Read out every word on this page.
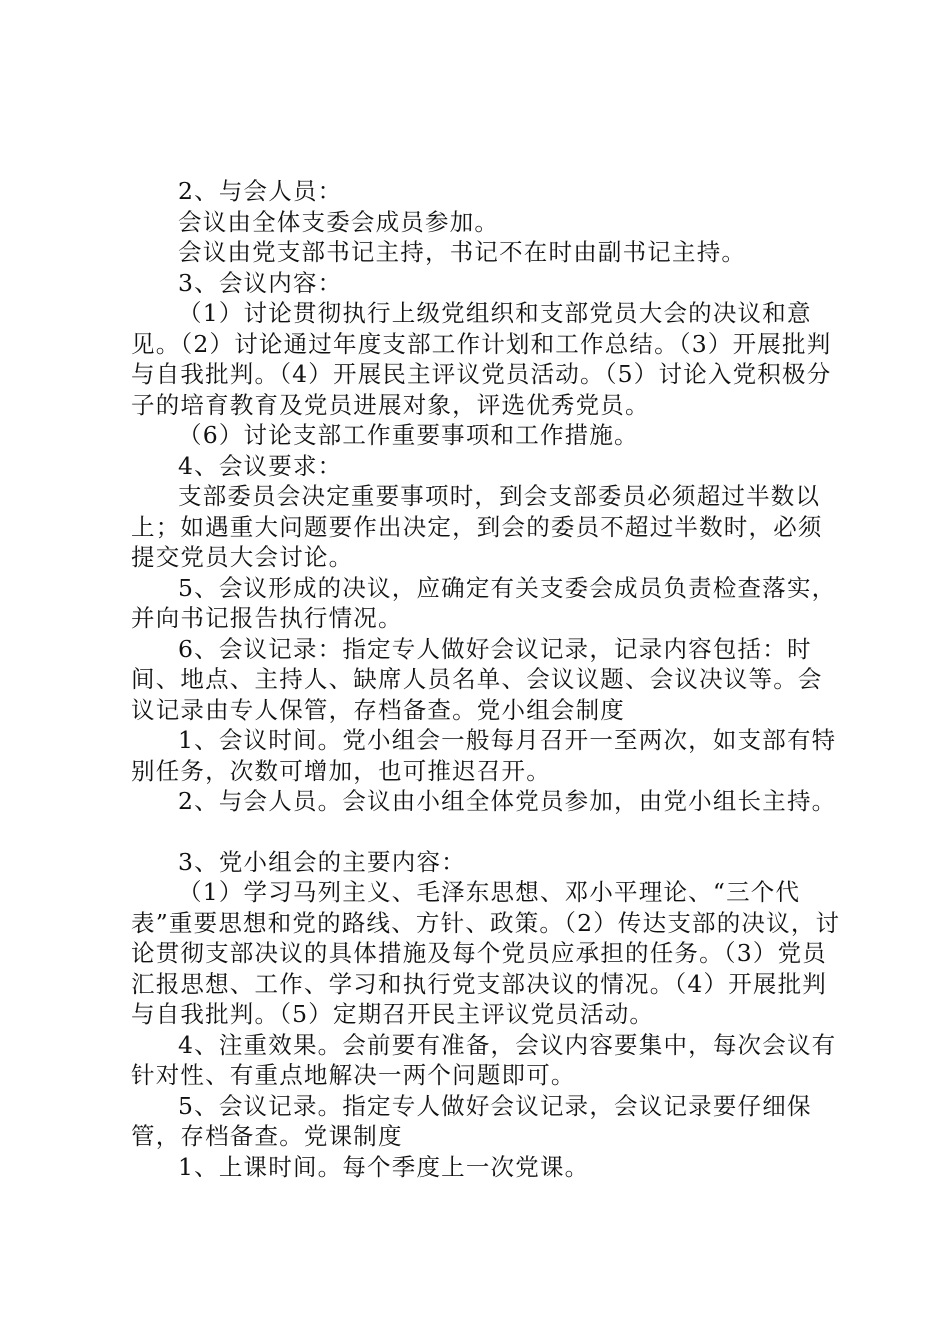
2、与会人员：

会议由全体支委会成员参加。

会议由党支部书记主持，书记不在时由副书记主持。

3、会议内容：

（1）讨论贯彻执行上级党组织和支部党员大会的决议和意见。（2）讨论通过年度支部工作计划和工作总结。（3）开展批判与自我批判。（4）开展民主评议党员活动。（5）讨论入党积极分子的培育教育及党员进展对象，评选优秀党员。

（6）讨论支部工作重要事项和工作措施。

4、会议要求：

支部委员会决定重要事项时，到会支部委员必须超过半数以上；如遇重大问题要作出决定，到会的委员不超过半数时，必须提交党员大会讨论。

5、会议形成的决议，应确定有关支委会成员负责检查落实，并向书记报告执行情况。

6、会议记录：指定专人做好会议记录，记录内容包括：时间、地点、主持人、缺席人员名单、会议议题、会议决议等。会议记录由专人保管，存档备查。党小组会制度

1、会议时间。党小组会一般每月召开一至两次，如支部有特别任务，次数可增加，也可推迟召开。

2、与会人员。会议由小组全体党员参加，由党小组长主持。

3、党小组会的主要内容：

（1）学习马列主义、毛泽东思想、邓小平理论、“三个代表”重要思想和党的路线、方针、政策。（2）传达支部的决议，讨论贯彻支部决议的具体措施及每个党员应承担的任务。（3）党员汇报思想、工作、学习和执行党支部决议的情况。（4）开展批判与自我批判。（5）定期召开民主评议党员活动。

4、注重效果。会前要有准备，会议内容要集中，每次会议有针对性、有重点地解决一两个问题即可。

5、会议记录。指定专人做好会议记录，会议记录要仔细保管，存档备查。党课制度

1、上课时间。每个季度上一次党课。
